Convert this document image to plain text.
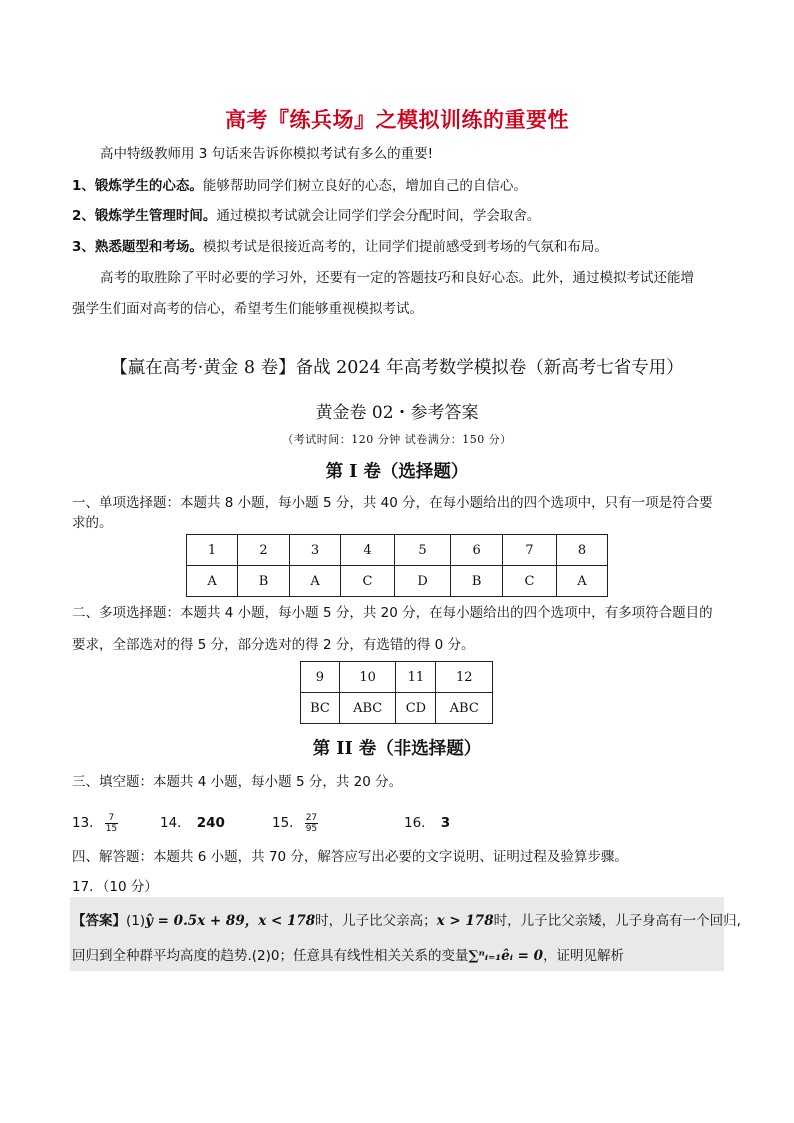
高考『练兵场』之模拟训练的重要性
高中特级教师用 3 句话来告诉你模拟考试有多么的重要!
1、锻炼学生的心态。能够帮助同学们树立良好的心态，增加自己的自信心。
2、锻炼学生管理时间。通过模拟考试就会让同学们学会分配时间，学会取舍。
3、熟悉题型和考场。模拟考试是很接近高考的，让同学们提前感受到考场的气氛和布局。
高考的取胜除了平时必要的学习外，还要有一定的答题技巧和良好心态。此外，通过模拟考试还能增
强学生们面对高考的信心，希望考生们能够重视模拟考试。
【赢在高考·黄金 8 卷】备战 2024 年高考数学模拟卷（新高考七省专用）
黄金卷 02・参考答案
（考试时间：120 分钟 试卷满分：150 分）
第 I 卷（选择题）
一、单项选择题：本题共 8 小题，每小题 5 分，共 40 分，在每小题给出的四个选项中，只有一项是符合要
求的。
1	2	3	4	5	6	7	8
A	B	A	C	D	B	C	A
二、多项选择题：本题共 4 小题，每小题 5 分，共 20 分，在每小题给出的四个选项中，有多项符合题目的
要求，全部选对的得 5 分，部分选对的得 2 分，有选错的得 0 分。
9	10	11	12
BC	ABC	CD	ABC
第 II 卷（非选择题）
三、填空题：本题共 4 小题，每小题 5 分，共 20 分。
13． $\frac{7}{15}$	14． 240	15． $\frac{27}{95}$	16． 3
四、解答题：本题共 6 小题，共 70 分，解答应写出必要的文字说明、证明过程及验算步骤。
17．（10 分）
【答案】(1)ŷ = 0.5x + 89，x < 178时，儿子比父亲高；x > 178时，儿子比父亲矮，儿子身高有一个回归,
回归到全种群平均高度的趋势.(2)0；任意具有线性相关关系的变量∑ⁿᵢ₌₁êᵢ = 0，证明见解析
